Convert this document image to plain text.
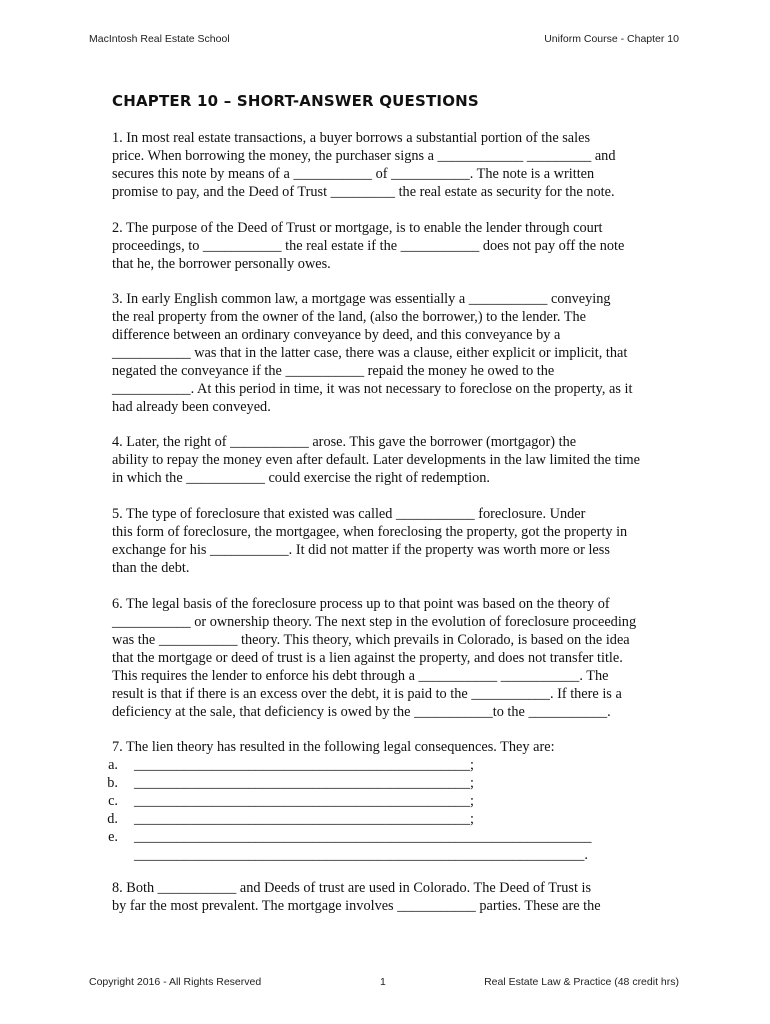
MacIntosh Real Estate School	Uniform Course - Chapter 10
CHAPTER 10 – SHORT-ANSWER QUESTIONS

1. In most real estate transactions, a buyer borrows a substantial portion of the sales

price. When borrowing the money, the purchaser signs a ____________ _________ and

secures this note by means of a ___________ of ___________. The note is a written

promise to pay, and the Deed of Trust _________ the real estate as security for the note.

2. The purpose of the Deed of Trust or mortgage, is to enable the lender through court

proceedings, to ___________ the real estate if the ___________ does not pay off the note

that he, the borrower personally owes.

3. In early English common law, a mortgage was essentially a ___________ conveying

the real property from the owner of the land, (also the borrower,) to the lender. The

difference between an ordinary conveyance by deed, and this conveyance by a

___________ was that in the latter case, there was a clause, either explicit or implicit, that

negated the conveyance if the ___________ repaid the money he owed to the

___________. At this period in time, it was not necessary to foreclose on the property, as it

had already been conveyed.

4. Later, the right of ___________ arose. This gave the borrower (mortgagor) the

ability to repay the money even after default. Later developments in the law limited the time

in which the ___________ could exercise the right of redemption.

5. The type of foreclosure that existed was called ___________ foreclosure. Under

this form of foreclosure, the mortgagee, when foreclosing the property, got the property in

exchange for his ___________. It did not matter if the property was worth more or less

than the debt.

6. The legal basis of the foreclosure process up to that point was based on the theory of

___________ or ownership theory. The next step in the evolution of foreclosure proceeding

was the ___________ theory. This theory, which prevails in Colorado, is based on the idea

that the mortgage or deed of trust is a lien against the property, and does not transfer title.

This requires the lender to enforce his debt through a ___________ ___________. The

result is that if there is an excess over the debt, it is paid to the ___________. If there is a

deficiency at the sale, that deficiency is owed by the ___________to the ___________.

7. The lien theory has resulted in the following legal consequences. They are:

a. _______________________________________________;
b. _______________________________________________;
c. _______________________________________________;
d. _______________________________________________;
e. ________________________________________________________________
_______________________________________________________________.

8. Both ___________ and Deeds of trust are used in Colorado. The Deed of Trust is

by far the most prevalent. The mortgage involves ___________ parties. These are the

Copyright 2016 - All Rights Reserved	1	Real Estate Law & Practice (48 credit hrs)
